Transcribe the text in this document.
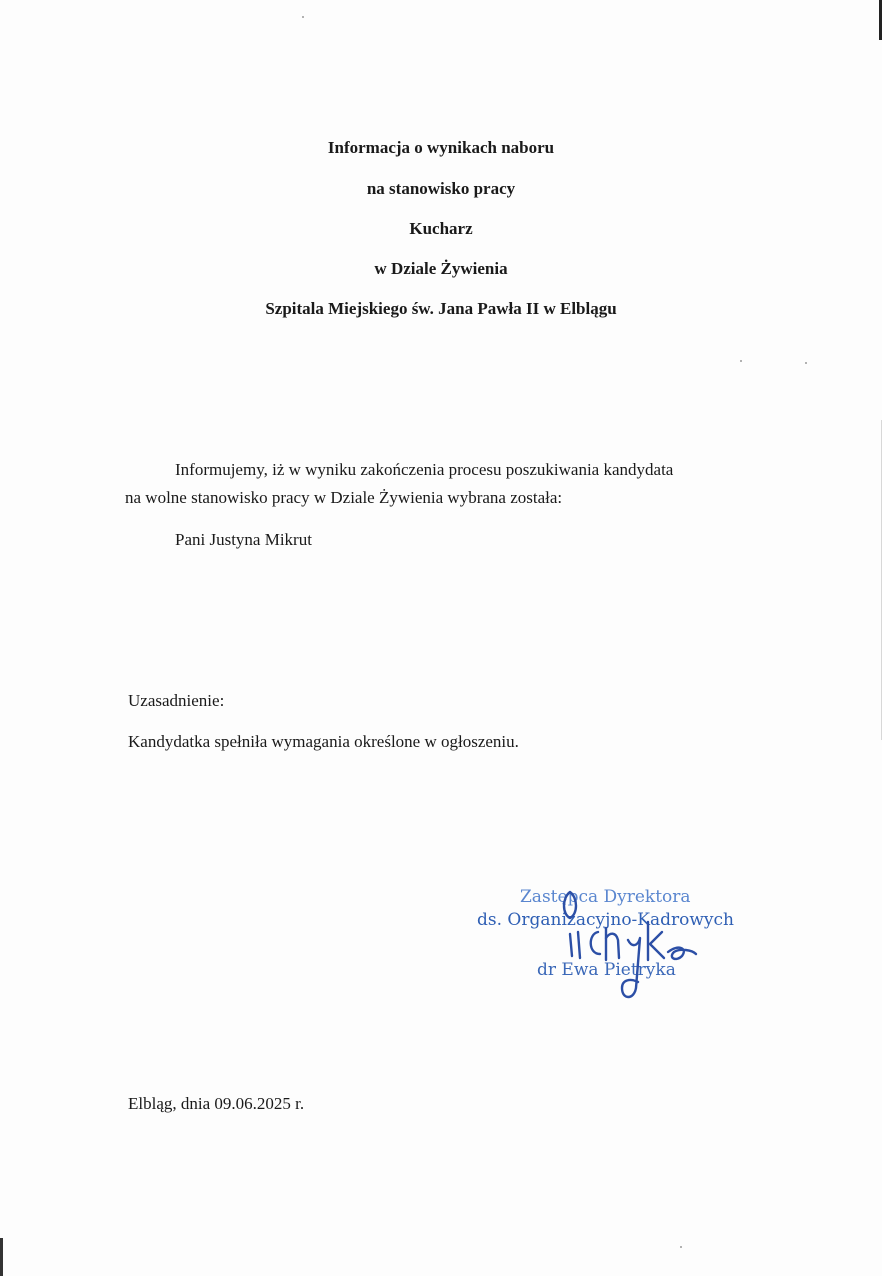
Informacja o wynikach naboru

na stanowisko pracy

Kucharz

w Dziale Żywienia

Szpitala Miejskiego św. Jana Pawła II w Elblągu

Informujemy, iż w wyniku zakończenia procesu poszukiwania kandydata

na wolne stanowisko pracy w Dziale Żywienia wybrana została:

Pani Justyna Mikrut

Uzasadnienie:

Kandydatka spełniła wymagania określone w ogłoszeniu.

Zastępca Dyrektora
ds. Organizacyjno-Kadrowych
dr Ewa Pietryka

Elbląg, dnia 09.06.2025 r.
